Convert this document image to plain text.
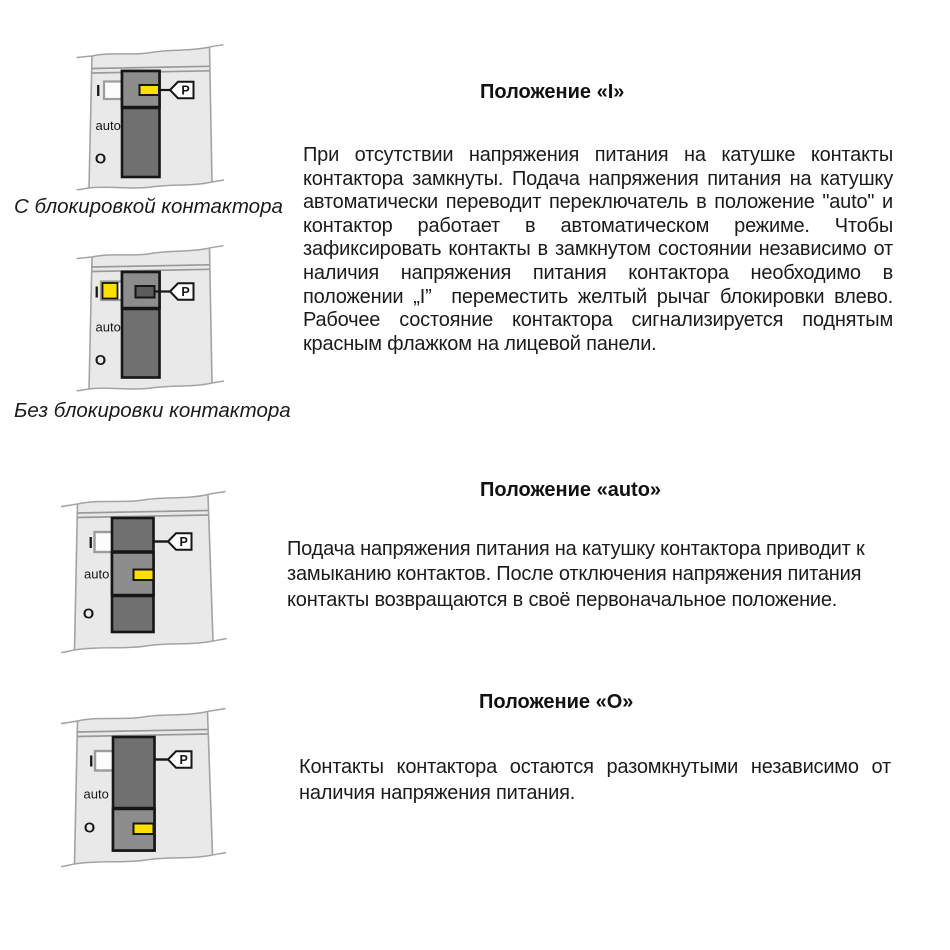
P
I
auto
O
P
I
auto
O
P
I
auto
O
P
I
auto
O
Положение «I»
При отсутствии напряжения питания на катушке контакты контактора замкнуты. Подача напряжения питания на катушку автоматически переводит переключатель в положение "auto" и контактор работает в автоматическом режиме. Чтобы зафиксировать контакты в замкнутом состоянии независимо от наличия напряжения питания контактора необходимо в положении „I”  переместить желтый рычаг блокировки влево. Рабочее состояние контактора сигнализируется поднятым красным флажком на лицевой панели.
С блокировкой контактора
Без блокировки контактора
Положение «auto»
Подача напряжения питания на катушку контактора приводит к замыканию контактов. После отключения напряжения питания контакты возвращаются в своё первоначальное положение.
Положение «О»
Контакты контактора остаются разомкнутыми независимо от наличия напряжения питания.
